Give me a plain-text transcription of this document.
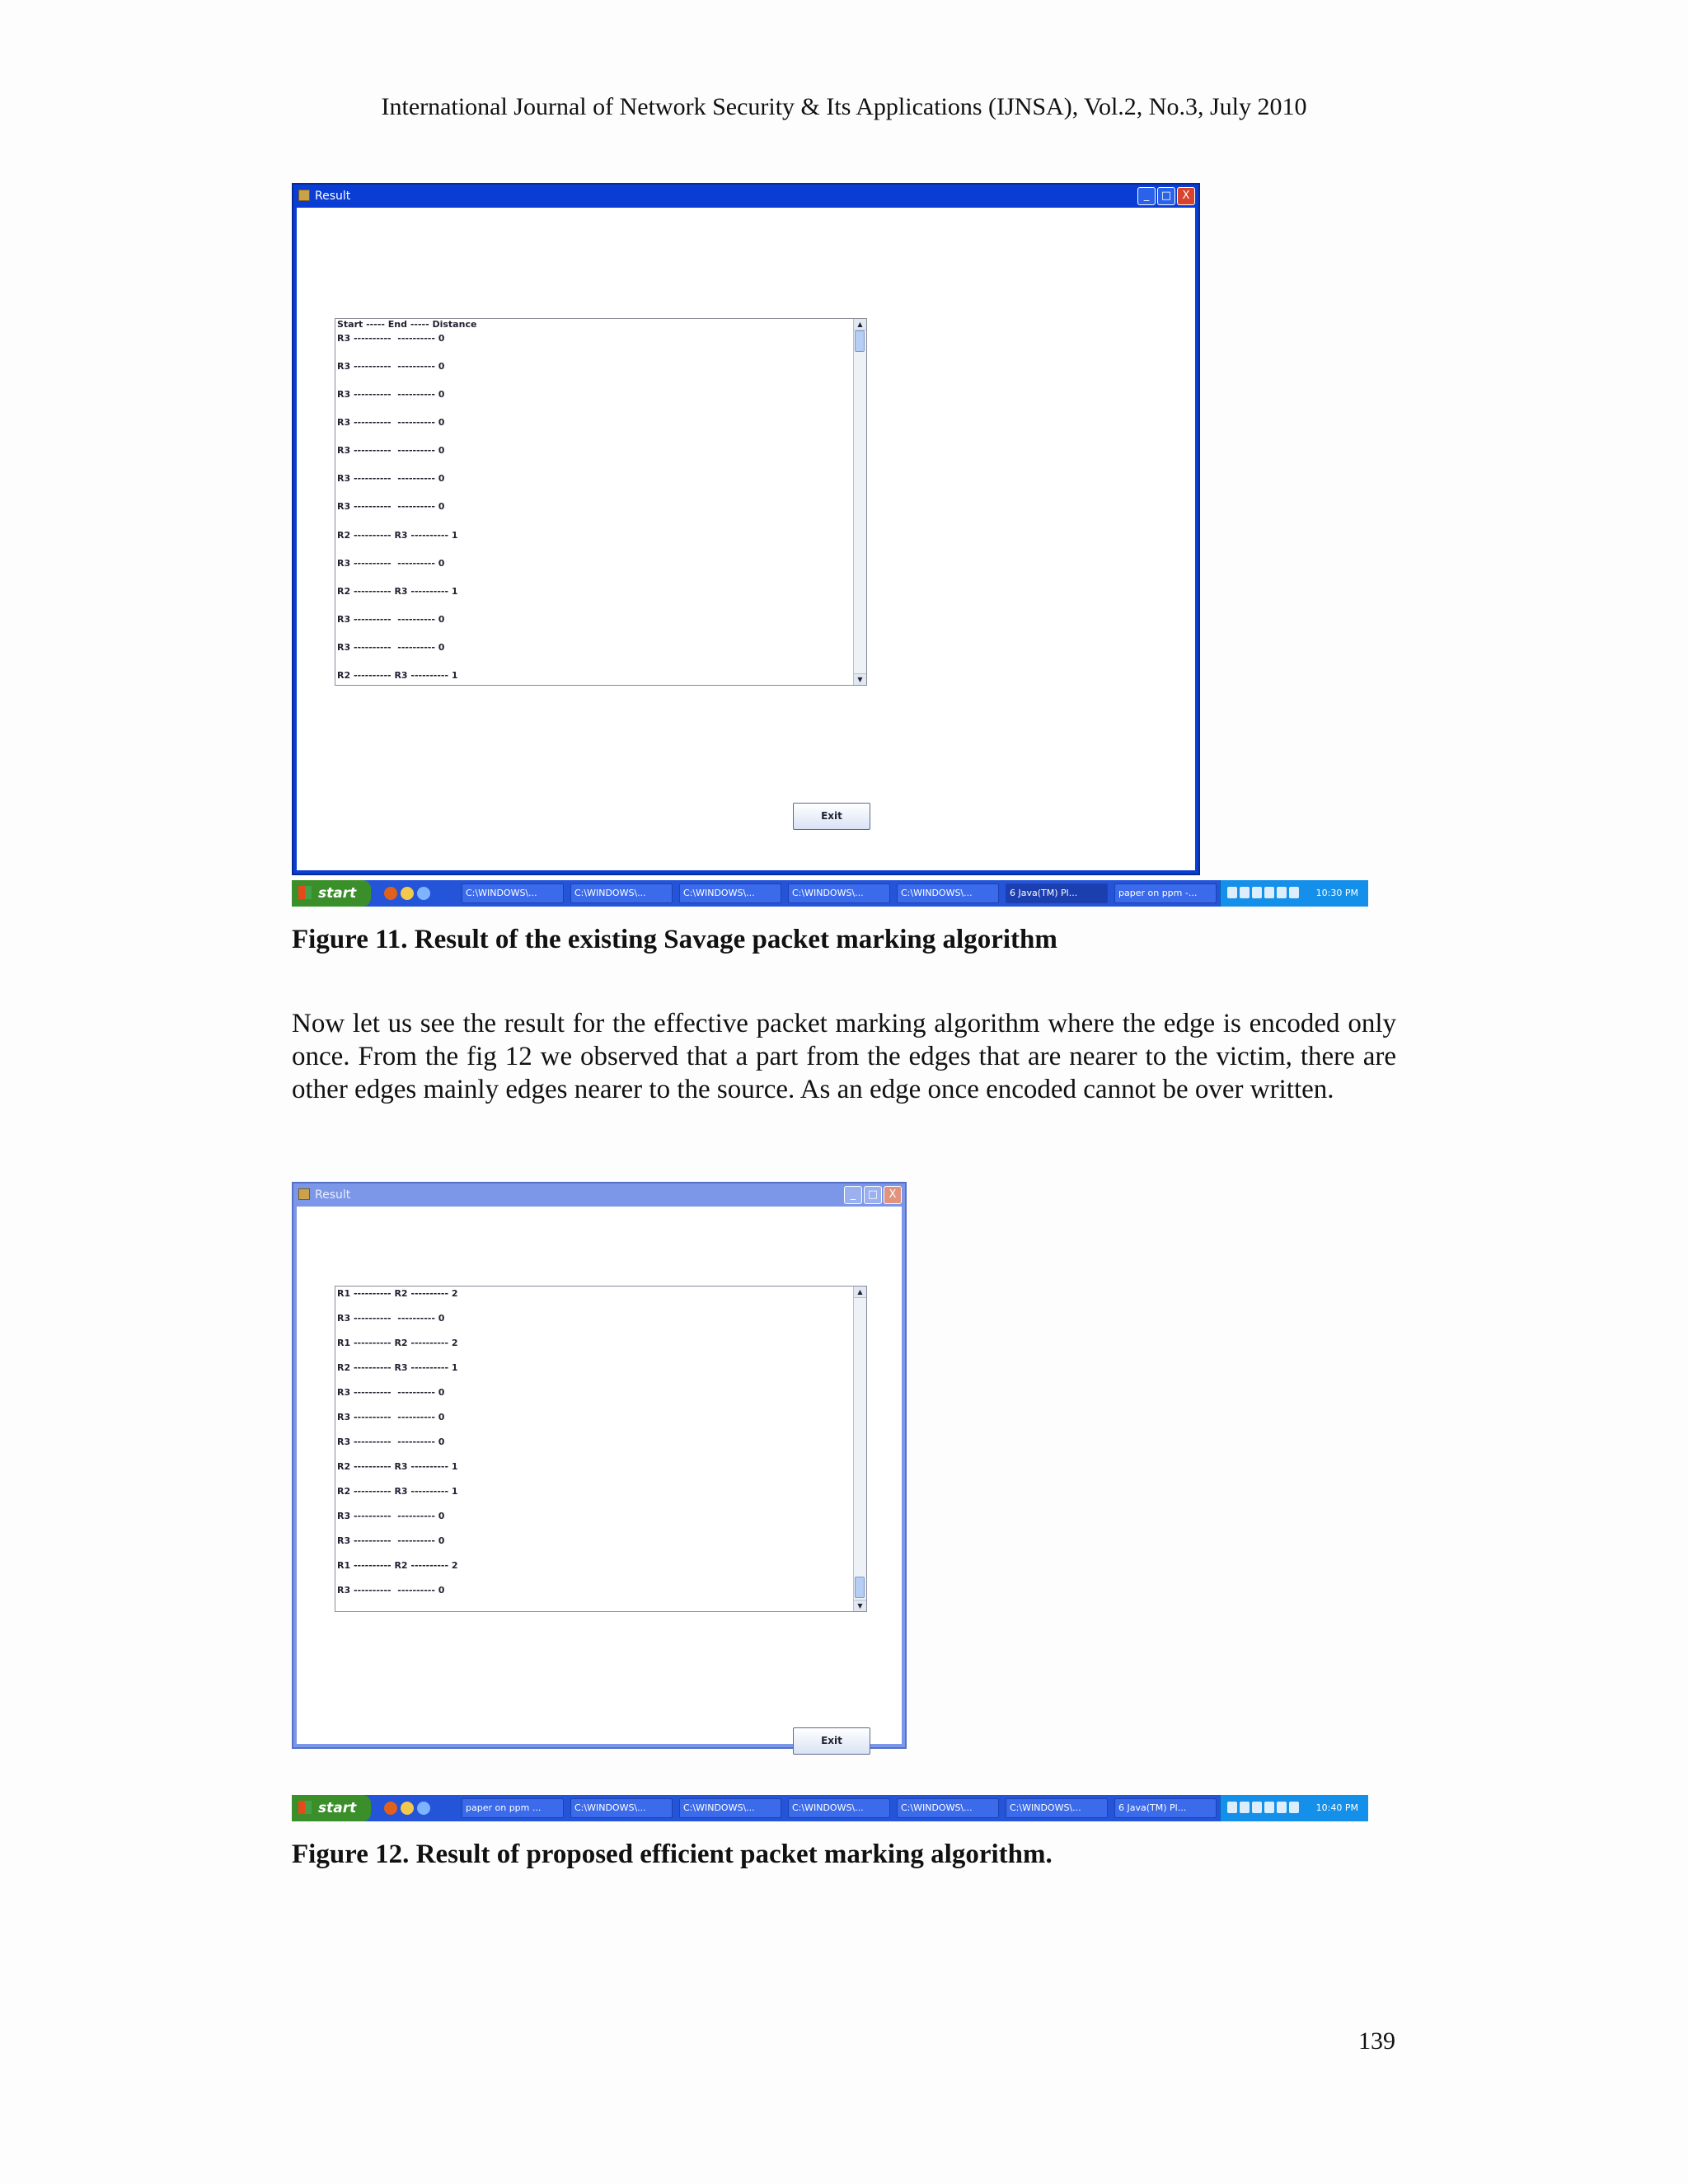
International Journal of Network Security & Its Applications (IJNSA), Vol.2, No.3, July 2010
Result	_	□	X
Start ----- End ----- Distance
R3 ----------  ---------- 0
R3 ----------  ---------- 0
R3 ----------  ---------- 0
R3 ----------  ---------- 0
R3 ----------  ---------- 0
R3 ----------  ---------- 0
R3 ----------  ---------- 0
R2 ---------- R3 ---------- 1
R3 ----------  ---------- 0
R2 ---------- R3 ---------- 1
R3 ----------  ---------- 0
R3 ----------  ---------- 0
R2 ---------- R3 ---------- 1
▲
▼
Exit
start	C:\WINDOWS\...	C:\WINDOWS\...	C:\WINDOWS\...	C:\WINDOWS\...	C:\WINDOWS\...	6 Java(TM) Pl...	paper on ppm -...	10:30 PM
Figure 11. Result of the existing Savage packet marking algorithm
Now let us see the result for the effective packet marking algorithm where the edge is encoded only once. From the fig 12 we observed that a part from the edges that are nearer to the victim, there are other edges mainly edges nearer to the source. As an edge once encoded cannot be over written.
Result	_	□	X
R1 ---------- R2 ---------- 2
R3 ----------  ---------- 0
R1 ---------- R2 ---------- 2
R2 ---------- R3 ---------- 1
R3 ----------  ---------- 0
R3 ----------  ---------- 0
R3 ----------  ---------- 0
R2 ---------- R3 ---------- 1
R2 ---------- R3 ---------- 1
R3 ----------  ---------- 0
R3 ----------  ---------- 0
R1 ---------- R2 ---------- 2
R3 ----------  ---------- 0
▲
▼
Exit
start	paper on ppm ...	C:\WINDOWS\...	C:\WINDOWS\...	C:\WINDOWS\...	C:\WINDOWS\...	C:\WINDOWS\...	6 Java(TM) Pl...	10:40 PM
Figure 12. Result of proposed efficient packet marking algorithm.
139
